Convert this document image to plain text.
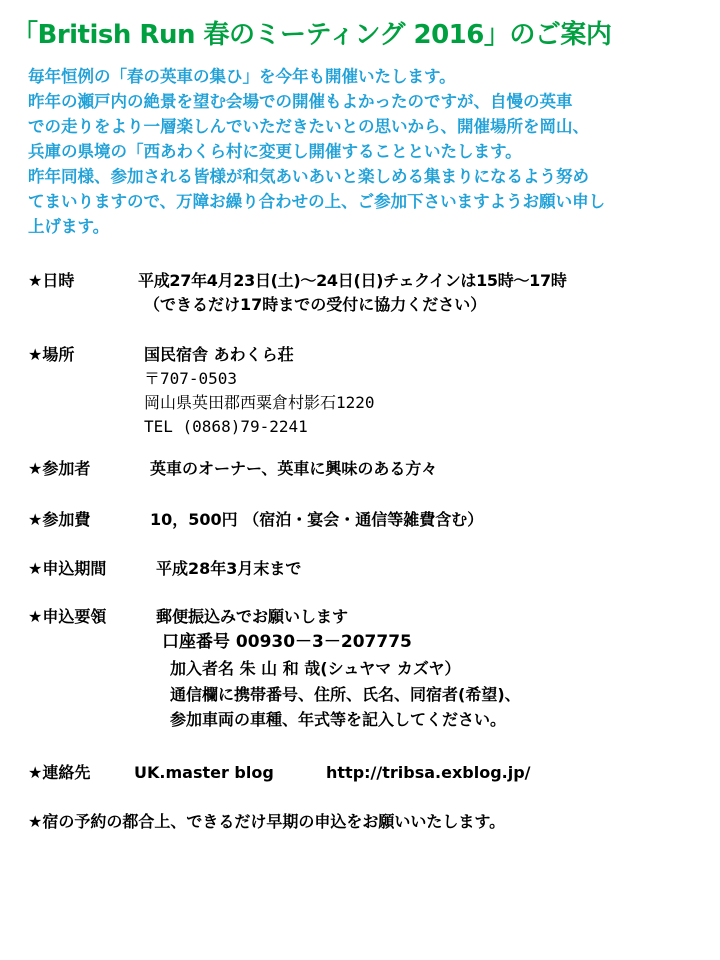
「British Run 春のミーティング 2016」のご案内
毎年恒例の「春の英車の集ひ」を今年も開催いたします。
昨年の瀬戸内の絶景を望む会場での開催もよかったのですが、自慢の英車
での走りをより一層楽しんでいただきたいとの思いから、開催場所を岡山、
兵庫の県境の「西あわくら村に変更し開催することといたします。
昨年同様、参加される皆様が和気あいあいと楽しめる集まりになるよう努め
てまいりますので、万障お繰り合わせの上、ご参加下さいますようお願い申し
上げます。
★日時	平成27年4月23日(土)～24日(日)チェクインは15時～17時
（できるだけ17時までの受付に協力ください）
★場所	国民宿舎 あわくら荘
〒707-0503
岡山県英田郡西粟倉村影石1220
TEL (0868)79-2241
★参加者	英車のオーナー、英車に興味のある方々
★参加費	10，500円 （宿泊・宴会・通信等雑費含む）
★申込期間	平成28年3月末まで
★申込要領	郵便振込みでお願いします
口座番号 00930－3－207775
加入者名 朱 山 和 哉(シュヤマ カズヤ）
通信欄に携帯番号、住所、氏名、同宿者(希望)、
参加車両の車種、年式等を記入してください。
★連絡先	UK.master blog	http://tribsa.exblog.jp/
★宿の予約の都合上、できるだけ早期の申込をお願いいたします。
